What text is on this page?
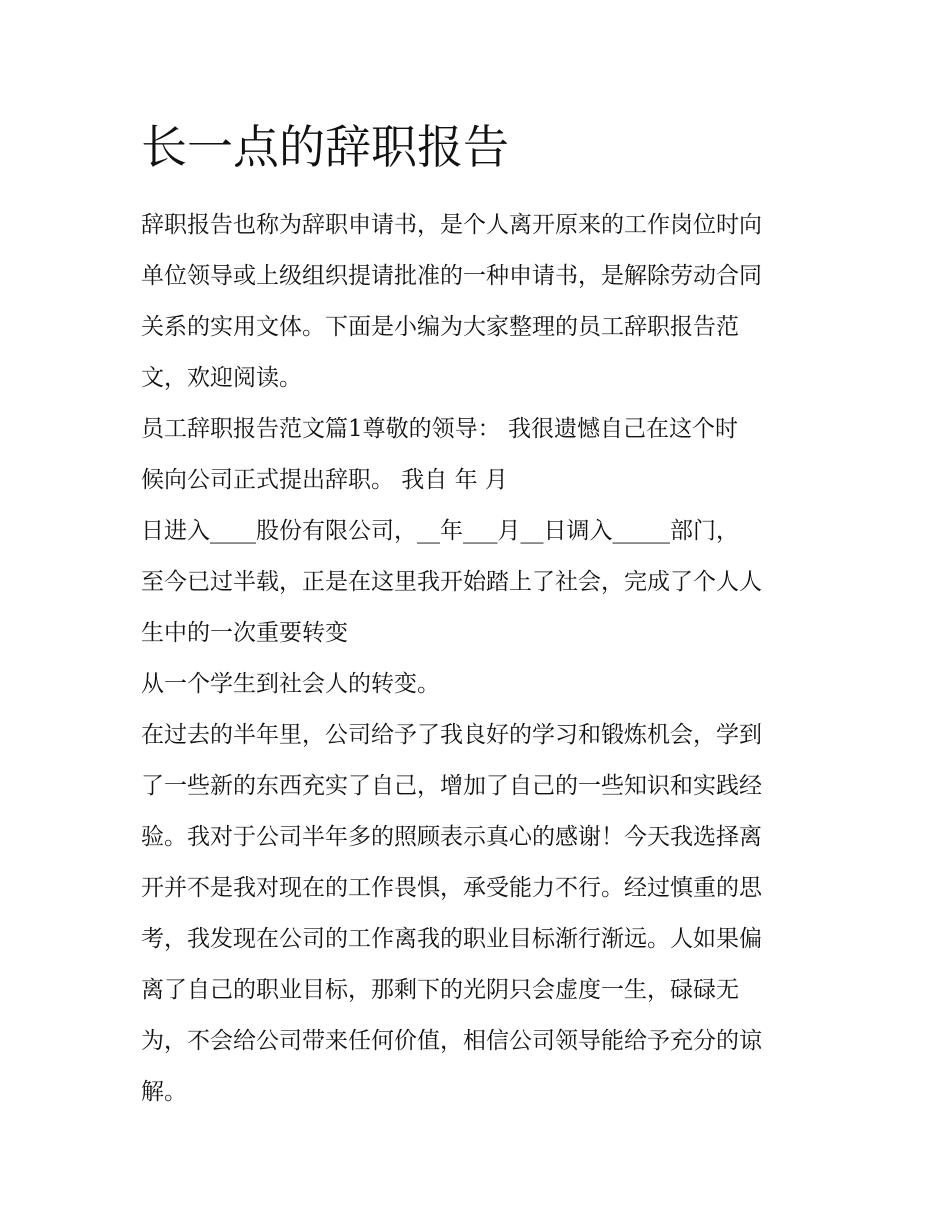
长一点的辞职报告
辞职报告也称为辞职申请书，是个人离开原来的工作岗位时向
单位领导或上级组织提请批准的一种申请书，是解除劳动合同
关系的实用文体。下面是小编为大家整理的员工辞职报告范
文，欢迎阅读。
员工辞职报告范文篇1尊敬的领导： 我很遗憾自己在这个时
候向公司正式提出辞职。 我自 年 月
日进入____股份有限公司，__年___月__日调入_____部门，
至今已过半载，正是在这里我开始踏上了社会，完成了个人人
生中的一次重要转变
从一个学生到社会人的转变。
在过去的半年里，公司给予了我良好的学习和锻炼机会，学到
了一些新的东西充实了自己，增加了自己的一些知识和实践经
验。我对于公司半年多的照顾表示真心的感谢！今天我选择离
开并不是我对现在的工作畏惧，承受能力不行。经过慎重的思
考，我发现在公司的工作离我的职业目标渐行渐远。人如果偏
离了自己的职业目标，那剩下的光阴只会虚度一生，碌碌无
为，不会给公司带来任何价值，相信公司领导能给予充分的谅
解。
